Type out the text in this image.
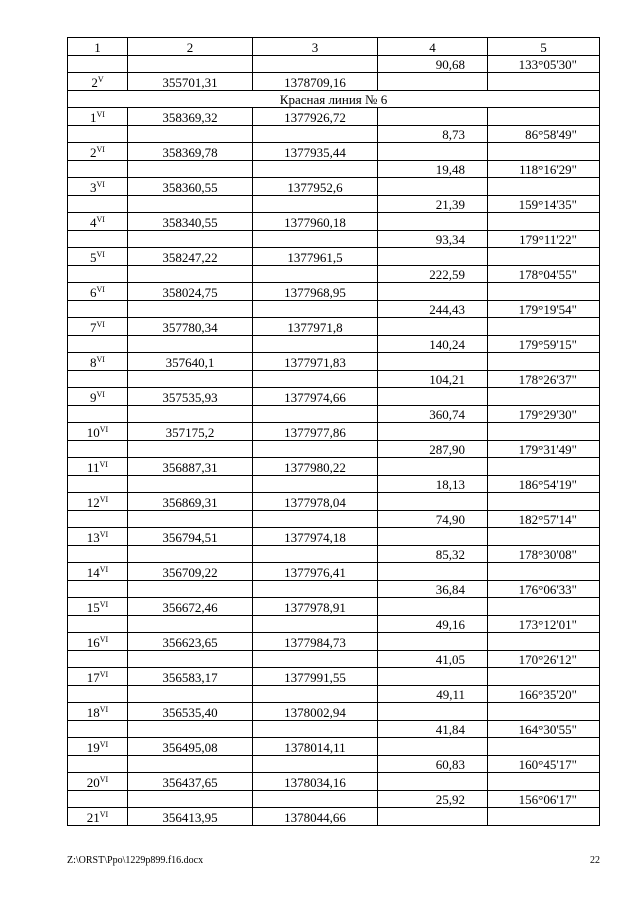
1	2	3	4	5
			90,68	133°05'30"
$2^V$	355701,31	1378709,16		
Красная линия № 6				
$1^{VI}$	358369,32	1377926,72		
			8,73	86°58'49"
$2^{VI}$	358369,78	1377935,44		
			19,48	118°16'29"
$3^{VI}$	358360,55	1377952,6		
			21,39	159°14'35"
$4^{VI}$	358340,55	1377960,18		
			93,34	179°11'22"
$5^{VI}$	358247,22	1377961,5		
			222,59	178°04'55"
$6^{VI}$	358024,75	1377968,95		
			244,43	179°19'54"
$7^{VI}$	357780,34	1377971,8		
			140,24	179°59'15"
$8^{VI}$	357640,1	1377971,83		
			104,21	178°26'37"
$9^{VI}$	357535,93	1377974,66		
			360,74	179°29'30"
$10^{VI}$	357175,2	1377977,86		
			287,90	179°31'49"
$11^{VI}$	356887,31	1377980,22		
			18,13	186°54'19"
$12^{VI}$	356869,31	1377978,04		
			74,90	182°57'14"
$13^{VI}$	356794,51	1377974,18		
			85,32	178°30'08"
$14^{VI}$	356709,22	1377976,41		
			36,84	176°06'33"
$15^{VI}$	356672,46	1377978,91		
			49,16	173°12'01"
$16^{VI}$	356623,65	1377984,73		
			41,05	170°26'12"
$17^{VI}$	356583,17	1377991,55		
			49,11	166°35'20"
$18^{VI}$	356535,40	1378002,94		
			41,84	164°30'55"
$19^{VI}$	356495,08	1378014,11		
			60,83	160°45'17"
$20^{VI}$	356437,65	1378034,16		
			25,92	156°06'17"
$21^{VI}$	356413,95	1378044,66		
Z:\ORST\Ppo\1229p899.f16.docx	22
